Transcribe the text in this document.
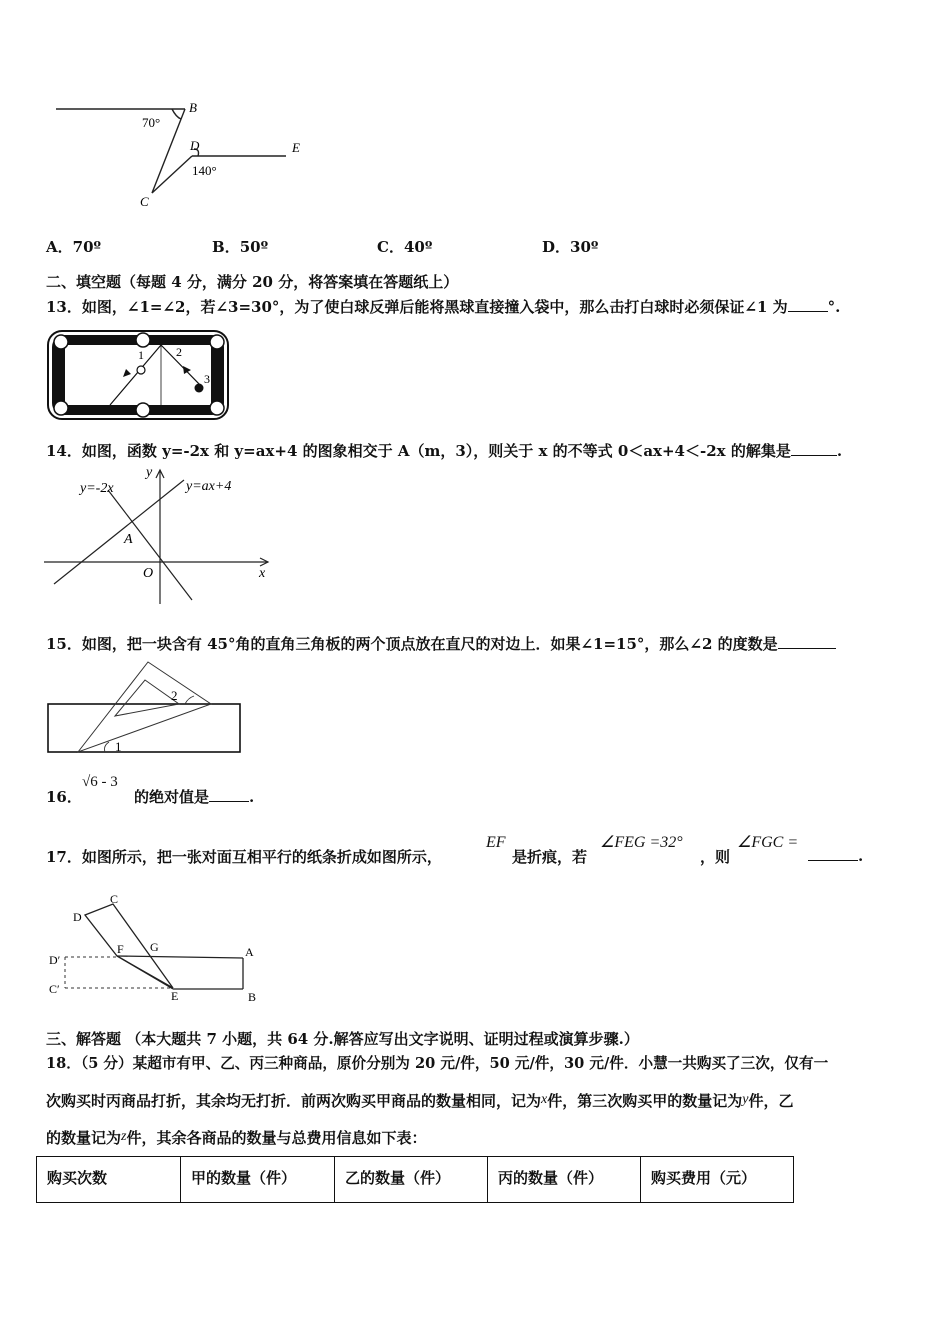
70°
B
D	E
140°
C
A．70º	B．50º	C．40º	D．30º
二、填空题（每题 4 分，满分 20 分，将答案填在答题纸上）
13．如图，∠1=∠2，若∠3=30°，为了使白球反弹后能将黑球直接撞入袋中，那么击打白球时必须保证∠1 为	°.
1	2
3
14．如图，函数 y=-2x 和 y=ax+4 的图象相交于 A（m，3），则关于 x 的不等式 0＜ax+4＜-2x 的解集是	.
y=-2x	y=ax+4
A
O	x
y
15．如图，把一块含有 45°角的直角三角板的两个顶点放在直尺的对边上．如果∠1=15°，那么∠2 的度数是
2
1
16．
√6 - 3
的绝对值是	.
17．如图所示，把一张对面互相平行的纸条折成如图所示，
EF
是折痕，若
∠FEG =32°
，则
∠FGC =
.
C
D
F G	A
B
E
D′
C′
三、解答题 （本大题共 7 小题，共 64 分.解答应写出文字说明、证明过程或演算步骤.）
18．（5 分）某超市有甲、乙、丙三种商品，原价分别为 20 元/件，50 元/件，30 元/件．小慧一共购买了三次，仅有一
次购买时丙商品打折，其余均无打折．前两次购买甲商品的数量相同，记为x件，第三次购买甲的数量记为y件，乙
的数量记为z件，其余各商品的数量与总费用信息如下表：
购买次数	甲的数量（件）	乙的数量（件）	丙的数量（件）	购买费用（元）
